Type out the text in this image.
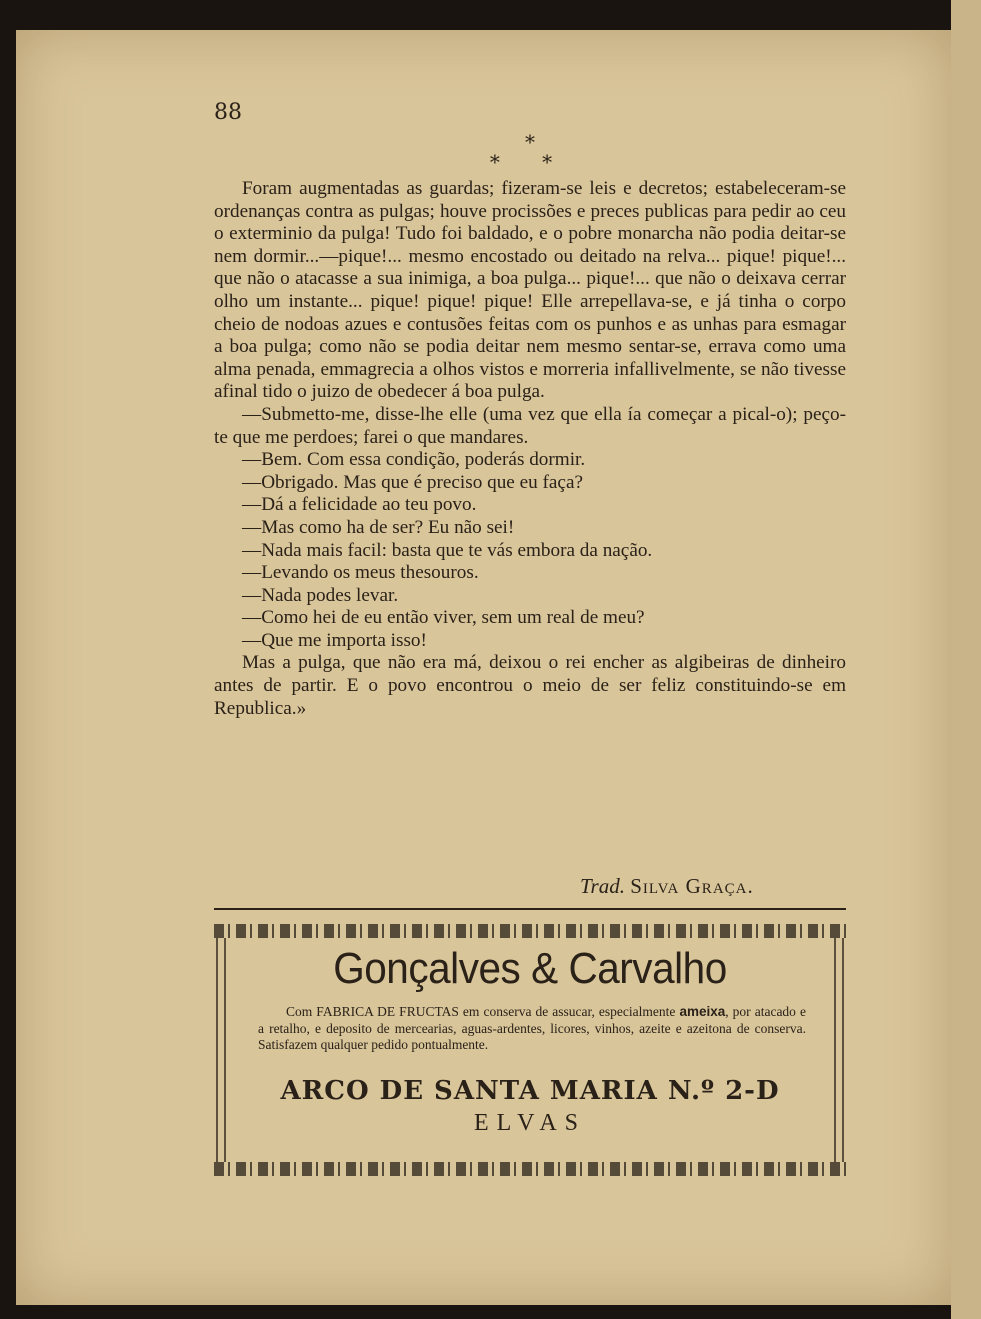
88
*
* *

Foram augmentadas as guardas; fizeram-se leis e decretos; estabeleceram-se ordenanças contra as pulgas; houve procissões e preces publicas para pedir ao ceu o exterminio da pulga! Tudo foi baldado, e o pobre monarcha não podia deitar-se nem dormir...—pique!... mesmo encostado ou deitado na relva... pique! pique!... que não o atacasse a sua inimiga, a boa pulga... pique!... que não o deixava cerrar olho um instante... pique! pique! pique! Elle arrepellava-se, e já tinha o corpo cheio de nodoas azues e contusões feitas com os punhos e as unhas para esmagar a boa pulga; como não se podia deitar nem mesmo sentar-se, errava como uma alma penada, emmagrecia a olhos vistos e morreria infallivelmente, se não tivesse afinal tido o juizo de obedecer á boa pulga.

—Submetto-me, disse-lhe elle (uma vez que ella ía começar a pical-o); peço-te que me perdoes; farei o que mandares.

—Bem. Com essa condição, poderás dormir.

—Obrigado. Mas que é preciso que eu faça?

—Dá a felicidade ao teu povo.

—Mas como ha de ser? Eu não sei!

—Nada mais facil: basta que te vás embora da nação.

—Levando os meus thesouros.

—Nada podes levar.

—Como hei de eu então viver, sem um real de meu?

—Que me importa isso!

Mas a pulga, que não era má, deixou o rei encher as algibeiras de dinheiro antes de partir. E o povo encontrou o meio de ser feliz constituindo-se em Republica.»

Trad. Silva Graça.
Gonçalves & Carvalho
Com FABRICA DE FRUCTAS em conserva de assucar, especialmente ameixa, por atacado e a retalho, e deposito de mercearias, aguas-ardentes, licores, vinhos, azeite e azeitona de conserva. Satisfazem qualquer pedido pontualmente.
ARCO DE SANTA MARIA N.º 2-D
ELVAS
